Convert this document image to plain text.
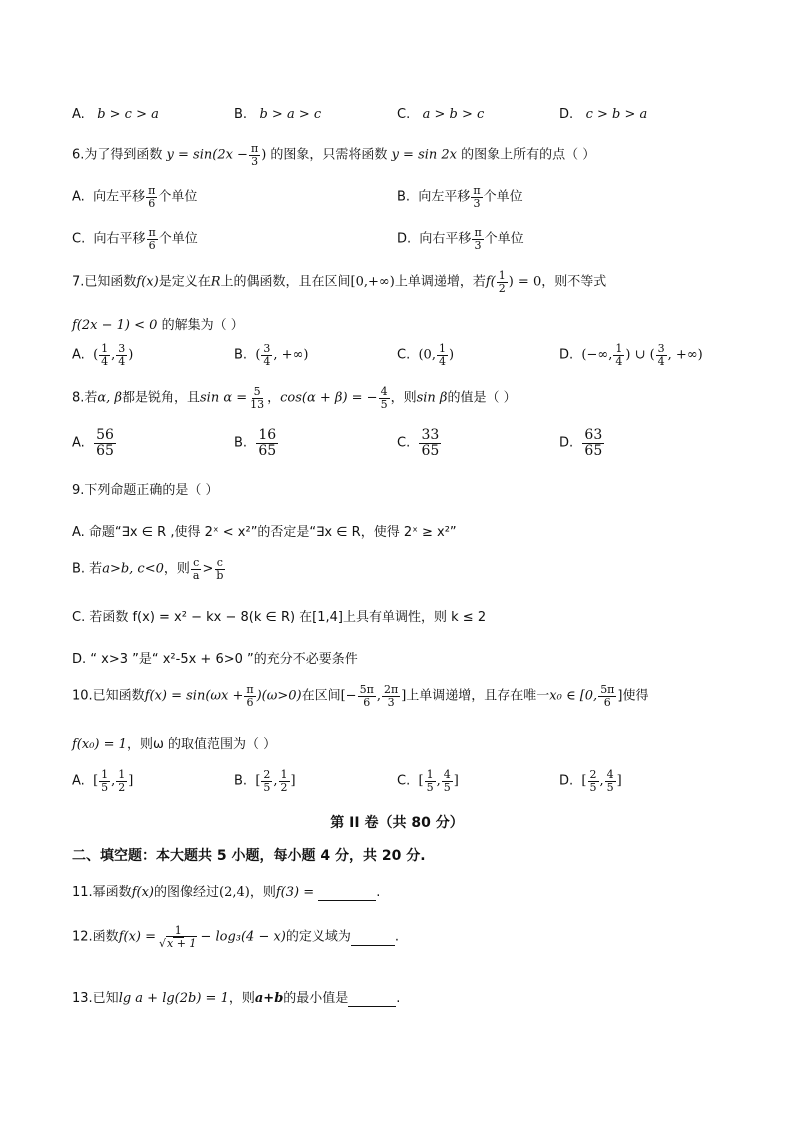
A. b > c > a	B. b > a > c	C. a > b > c	D. c > b > a
6.为了得到函数 $y = \sin(2x - \frac{\pi}{3}$ ) 的图象，只需将函数 y = sin 2x 的图象上所有的点（ ）
A. 向左平移 $\frac{\pi}{6}$ 个单位	B. 向左平移 $\frac{\pi}{3}$ 个单位
C. 向右平移 $\frac{\pi}{6}$ 个单位	D. 向右平移 $\frac{\pi}{3}$ 个单位
7.已知函数f(x)是定义在R上的偶函数，且在区间[0,+∞)上单调递增，若$f( \frac{1}{2}$ ) = 0，则不等式
f(2x − 1) < 0 的解集为（ ）
A. ( $\frac{1}{4}$ , $\frac{3}{4}$ )	B. ( $\frac{3}{4}$ , +∞)	C. (0, $\frac{1}{4}$ )	D. (−∞, $\frac{1}{4}$ ) ∪ ( $\frac{3}{4}$ , +∞)
8.若α, β都是锐角，且$\sin \alpha = \frac{5}{13}$ ，cos(α + β) = − $\frac{4}{5}$ ，则sin β的值是（ ）
A. $\frac{56}{65}$	B. $\frac{16}{65}$	C. $\frac{33}{65}$	D. $\frac{63}{65}$
9.下列命题正确的是（ ）
A. 命题“∃x ∈ R ,使得 2ˣ < x²”的否定是“∃x ∈ R，使得 2ˣ ≥ x²”
B. 若a>b, c<0，则 $\frac{c}{a} > \frac{c}{b}$
C. 若函数 f(x) = x² − kx − 8(k ∈ R) 在[1,4]上具有单调性，则 k ≤ 2
D. “ x>3 ”是“ x²-5x + 6>0 ”的充分不必要条件
10.已知函数$f(x) = \sin(\omega x + \frac{\pi}{6} )(\omega>0)$在区间[− $\frac{5\pi}{6}$ , $\frac{2\pi}{3}$ ]上单调递增，且存在唯一x₀ ∈ [0, $\frac{5\pi}{6}$ ]使得
f(x₀) = 1，则ω 的取值范围为（ ）
A. [ $\frac{1}{5}$ , $\frac{1}{2}$ ]	B. [ $\frac{2}{5}$ , $\frac{1}{2}$ ]	C. [ $\frac{1}{5}$ , $\frac{4}{5}$ ]	D. [ $\frac{2}{5}$ , $\frac{4}{5}$ ]
第 II 卷（共 80 分）
二、填空题：本大题共 5 小题，每小题 4 分，共 20 分.
11.幂函数f(x)的图像经过(2,4)，则f(3) =	.
12.函数$f(x) = \frac{1}{√x + 1} - \log_3(4 - x)$的定义域为	.
13.已知lg a + lg(2b) = 1，则a+b的最小值是	.
